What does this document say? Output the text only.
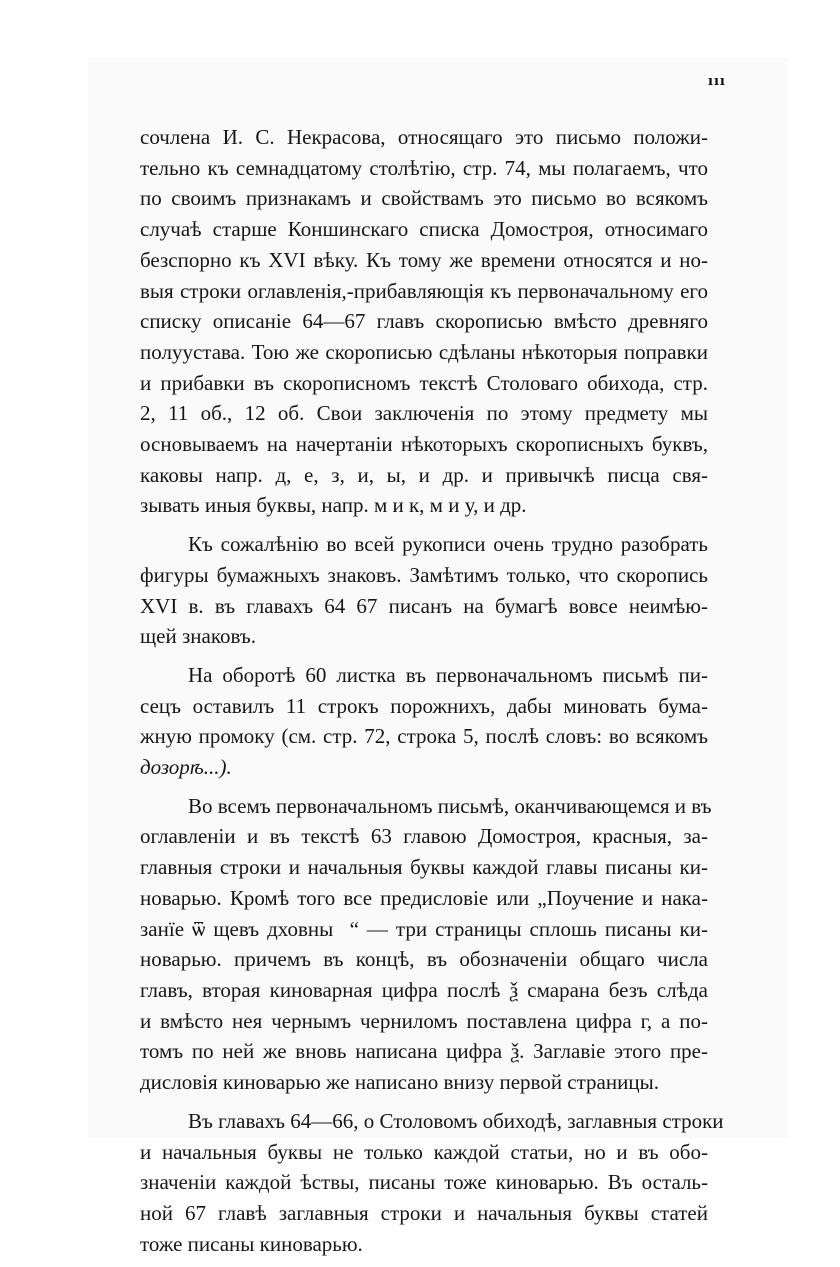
ııı

сочленa И. С. Некрасова, относящаго это письмо положи-
тельно къ семнадцатому столѣтію, стр. 74, мы полагаемъ, что
по своимъ признакамъ и свойствамъ это письмо во всякомъ
случаѣ старше Коншинскаго списка Домостроя, относимаго
безспорно къ XVI вѣку. Къ тому же времени относятся и но-
выя строки оглавленія,-прибавляющія къ первоначальному его
списку описаніе 64—67 главъ скорописью вмѣсто древняго
полуустава. Тою же скорописью сдѣланы нѣкоторыя поправки
и прибавки въ скорописномъ текстѣ Столоваго обихода, стр.
2, 11 об., 12 об. Свои заключенія по этому предмету мы
основываемъ на начертаніи нѣкоторыхъ скорописныхъ буквъ,
каковы напр. д, е, з, и, ы, и др. и привычкѣ писца свя-
зывать иныя буквы, напр. м и к, м и у, и др.

Къ сожалѣнію во всей рукописи очень трудно разобрать
фигуры бумажныхъ знаковъ. Замѣтимъ только, что скоропись
XVI в. въ главахъ 64 67 писанъ на бумагѣ вовсе неимѣю-
щей знаковъ.

На оборотѣ 60 листка въ первоначальномъ письмѣ пи-
сецъ оставилъ 11 строкъ порожнихъ, дабы миновать бума-
жную промоку (см. стр. 72, строка 5, послѣ словъ: во всякомъ
дозорѣ...).

Во всемъ первоначальномъ письмѣ, оканчивающемся и въ
оглавленіи и въ текстѣ 63 главою Домостроя, красныя, за-
главныя строки и начальныя буквы каждой главы писаны ки-
новарью. Кромѣ того все предисловіе или „Поучение и нака-
занїе ѿ щевъ дховныⷯ“ — три страницы сплошь писаны ки-
новарью. причемъ въ концѣ, въ обозначеніи общаго числа
главъ, вторая киноварная цифра послѣ ѯ смарана безъ слѣда
и вмѣсто нея чернымъ черниломъ поставлена цифра г, а по-
томъ по ней же вновь написана цифра ѯ. Заглавіе этого пре-
дисловія киноварью же написано внизу первой страницы.

Въ главахъ 64—66, о Столовомъ обиходѣ, заглавныя строки
и начальныя буквы не только каждой статьи, но и въ обо-
значеніи каждой ѣствы, писаны тоже киноварью. Въ осталь-
ной 67 главѣ заглавныя строки и начальныя буквы статей
тоже писаны киноварью.
